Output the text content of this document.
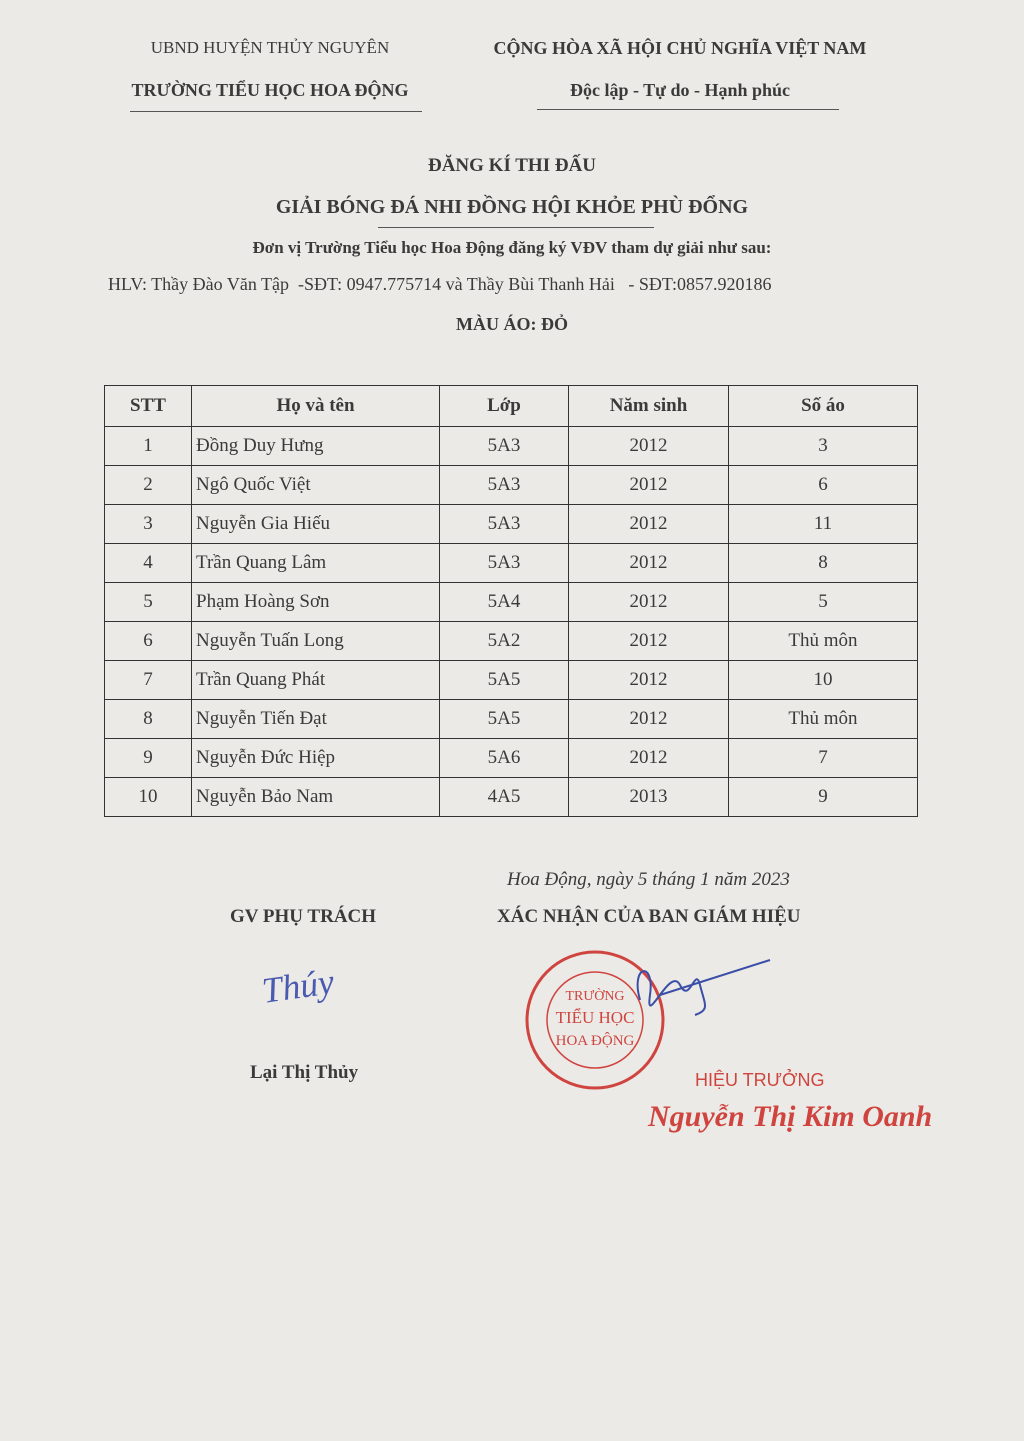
UBND HUYỆN THỦY NGUYÊN
TRƯỜNG TIỂU HỌC HOA ĐỘNG
CỘNG HÒA XÃ HỘI CHỦ NGHĨA VIỆT NAM
Độc lập - Tự do - Hạnh phúc
ĐĂNG KÍ THI ĐẤU
GIẢI BÓNG ĐÁ NHI ĐỒNG HỘI KHỎE PHÙ ĐỔNG
Đơn vị Trường Tiểu học Hoa Động đăng ký VĐV tham dự giải như sau:
HLV: Thầy Đào Văn Tập  -SĐT: 0947.775714 và Thầy Bùi Thanh Hải   - SĐT:0857.920186
MÀU ÁO: ĐỎ
STT	Họ và tên	Lớp	Năm sinh	Số áo
1	Đồng Duy Hưng	5A3	2012	3
2	Ngô Quốc Việt	5A3	2012	6
3	Nguyễn Gia Hiếu	5A3	2012	11
4	Trần Quang Lâm	5A3	2012	8
5	Phạm Hoàng Sơn	5A4	2012	5
6	Nguyễn Tuấn Long	5A2	2012	Thủ môn
7	Trần Quang Phát	5A5	2012	10
8	Nguyễn Tiến Đạt	5A5	2012	Thủ môn
9	Nguyễn Đức Hiệp	5A6	2012	7
10	Nguyễn Bảo Nam	4A5	2013	9
Hoa Động, ngày 5 tháng 1 năm 2023
GV PHỤ TRÁCH	XÁC NHẬN CỦA BAN GIÁM HIỆU
Thúy
Lại Thị Thủy
TRƯỜNG
TIỂU HỌC
HOA ĐỘNG
HIỆU TRƯỞNG
Nguyễn Thị Kim Oanh
